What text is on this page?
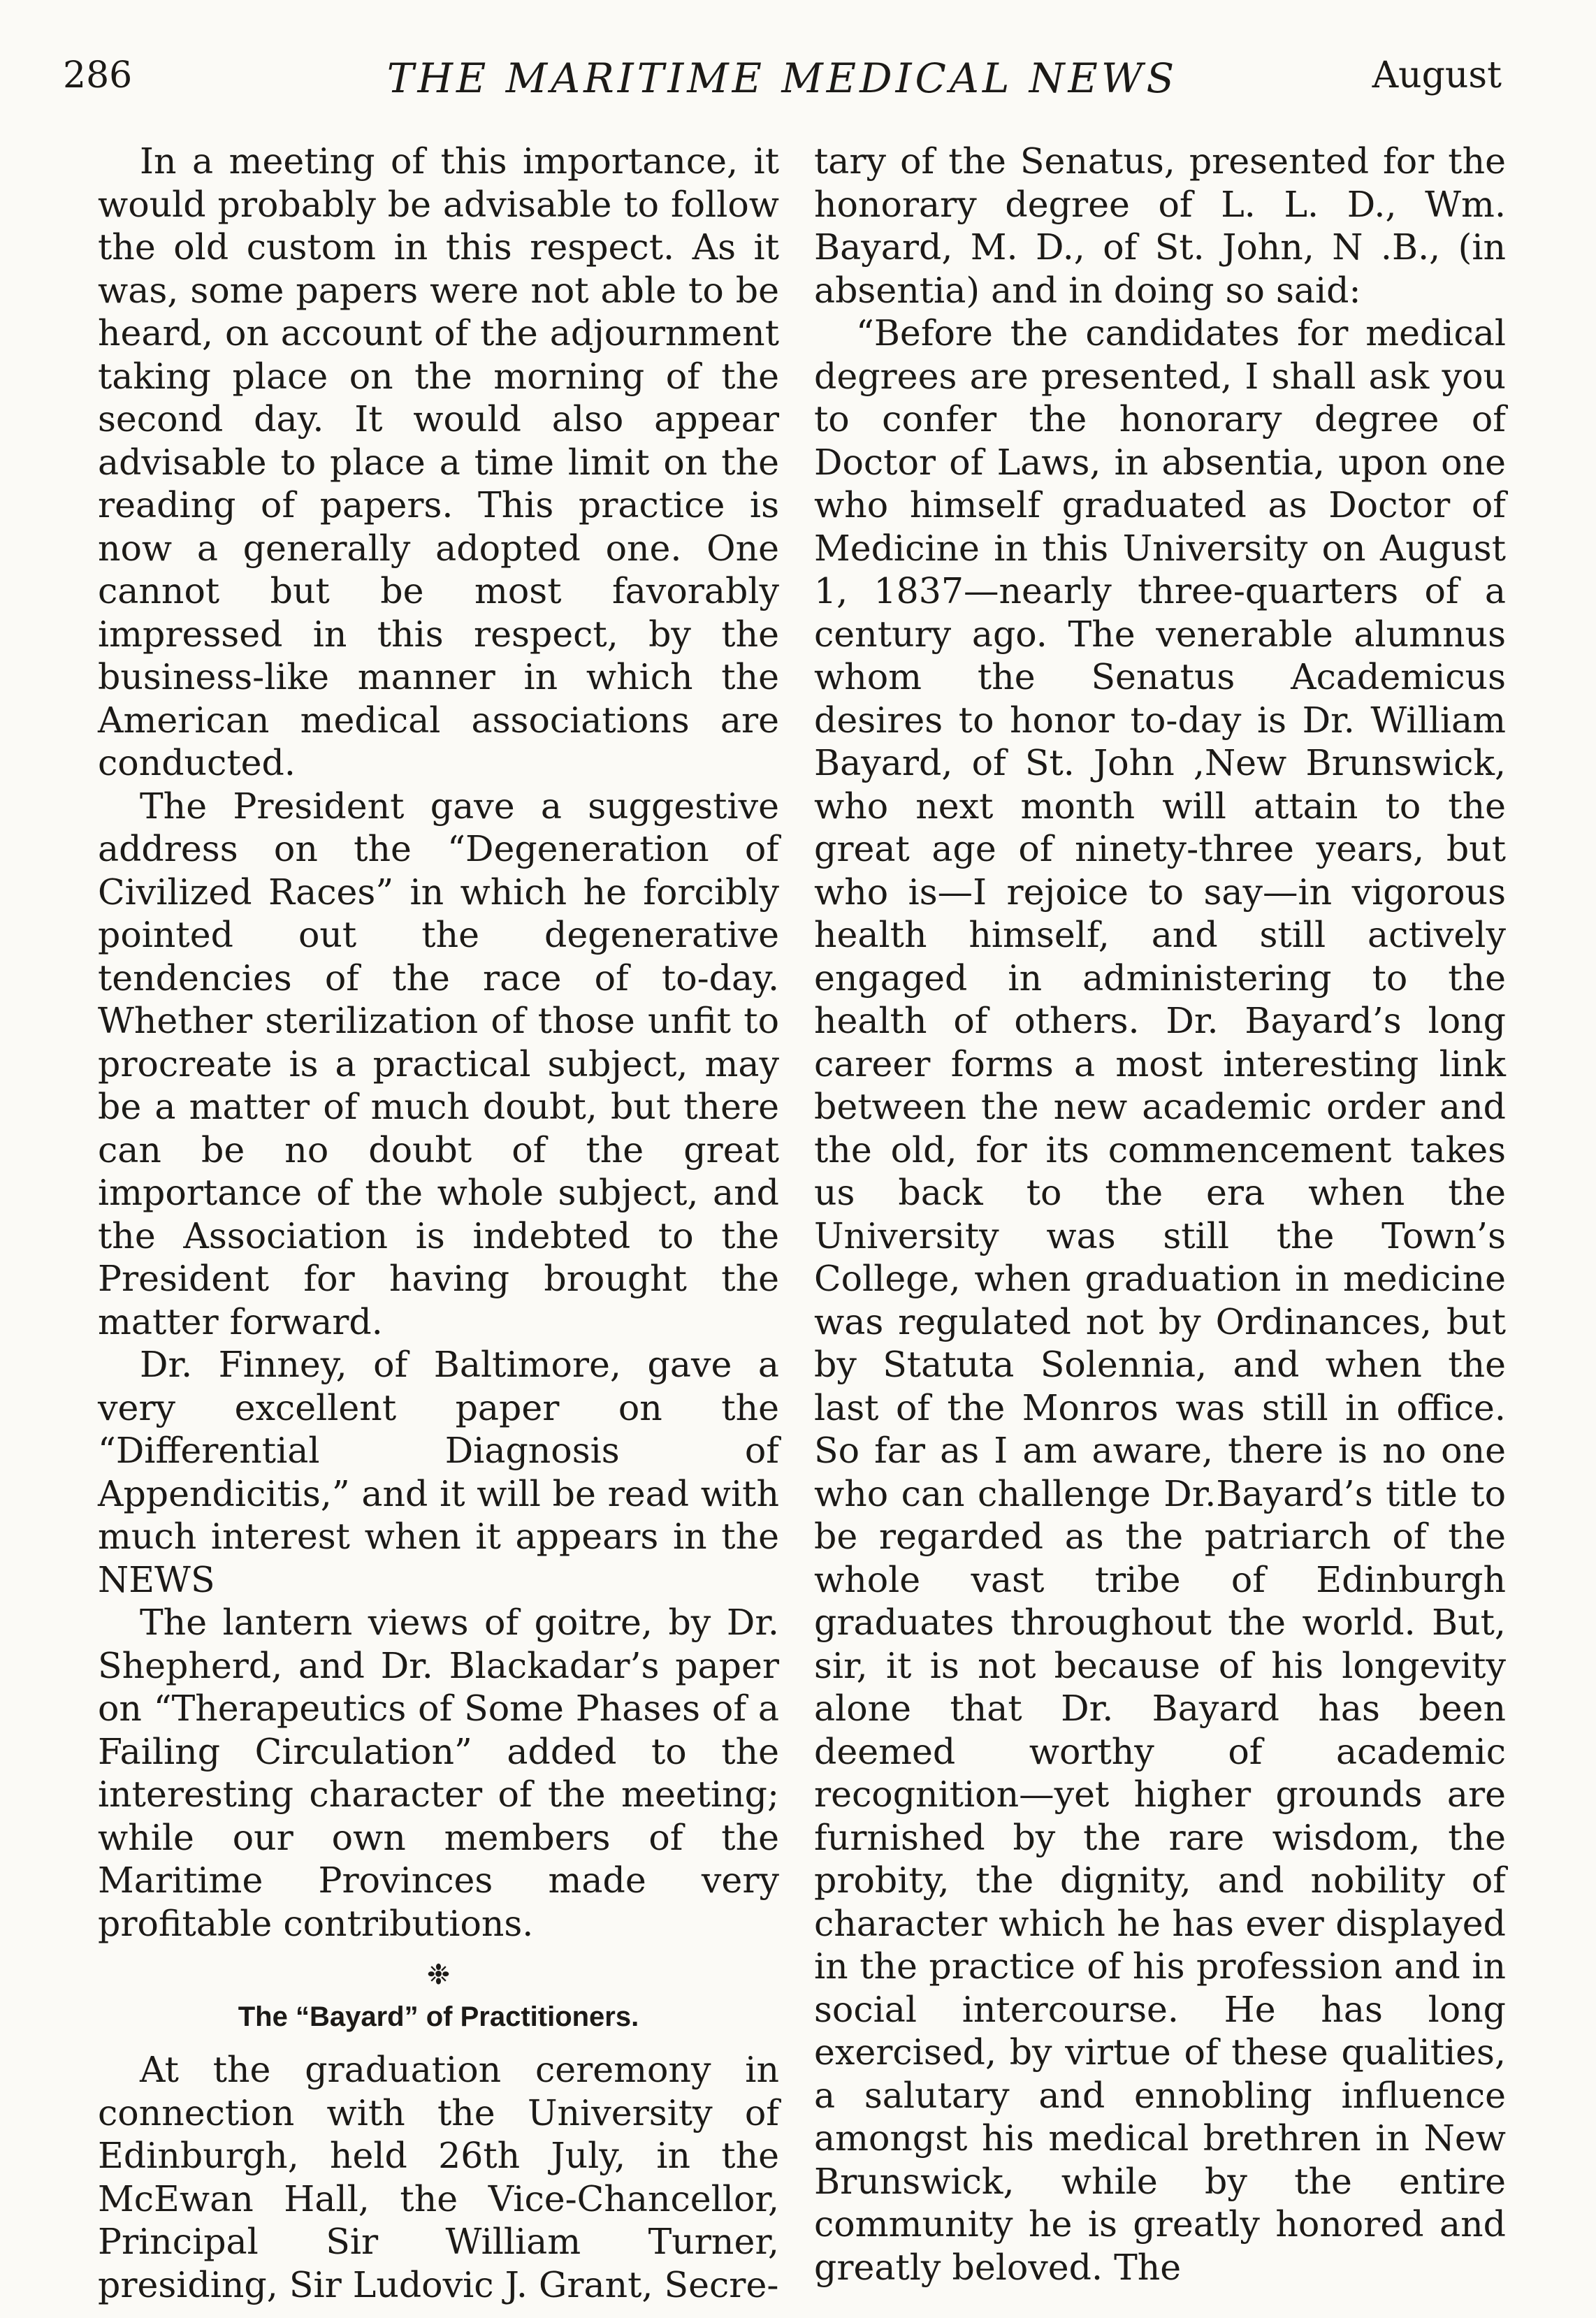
286	THE MARITIME MEDICAL NEWS	August

In a meeting of this importance, it would probably be advisable to follow the old custom in this respect. As it was, some papers were not able to be heard, on account of the adjournment taking place on the morning of the second day. It would also appear advisable to place a time limit on the reading of papers. This practice is now a generally adopted one. One cannot but be most favorably impressed in this respect, by the business-like manner in which the American medical associations are conducted.

The President gave a suggestive address on the “Degeneration of Civilized Races” in which he forcibly pointed out the degenerative tendencies of the race of to-day. Whether sterilization of those unfit to procreate is a practical subject, may be a matter of much doubt, but there can be no doubt of the great importance of the whole subject, and the Association is indebted to the President for having brought the matter forward.

Dr. Finney, of Baltimore, gave a very excellent paper on the “Differential Diagnosis of Appendicitis,” and it will be read with much interest when it appears in the NEWS

The lantern views of goitre, by Dr. Shepherd, and Dr. Blackadar’s paper on “Therapeutics of Some Phases of a Failing Circulation” added to the interesting character of the meeting; while our own members of the Maritime Provinces made very profitable contributions.

❉
The “Bayard” of Practitioners.

At the graduation ceremony in connection with the University of Edinburgh, held 26th July, in the McEwan Hall, the Vice-Chancellor, Principal Sir William Turner, presiding, Sir Ludovic J. Grant, Secre-

tary of the Senatus, presented for the honorary degree of L. L. D., Wm. Bayard, M. D., of St. John, N .B., (in absentia) and in doing so said:

“Before the candidates for medical degrees are presented, I shall ask you to confer the honorary degree of Doctor of Laws, in absentia, upon one who himself graduated as Doctor of Medicine in this University on August 1, 1837—nearly three-quarters of a century ago. The venerable alumnus whom the Senatus Academicus desires to honor to-day is Dr. William Bayard, of St. John ,New Brunswick, who next month will attain to the great age of ninety-three years, but who is—I rejoice to say—in vigorous health himself, and still actively engaged in administering to the health of others. Dr. Bayard’s long career forms a most interesting link between the new academic order and the old, for its commencement takes us back to the era when the University was still the Town’s College, when graduation in medicine was regulated not by Ordinances, but by Statuta Solennia, and when the last of the Monros was still in office. So far as I am aware, there is no one who can challenge Dr.Bayard’s title to be regarded as the patriarch of the whole vast tribe of Edinburgh graduates throughout the world. But, sir, it is not because of his longevity alone that Dr. Bayard has been deemed worthy of academic recognition—yet higher grounds are furnished by the rare wisdom, the probity, the dignity, and nobility of character which he has ever displayed in the practice of his profession and in social intercourse. He has long exercised, by virtue of these qualities, a salutary and ennobling influence amongst his medical brethren in New Brunswick, while by the entire community he is greatly honored and greatly beloved. The
